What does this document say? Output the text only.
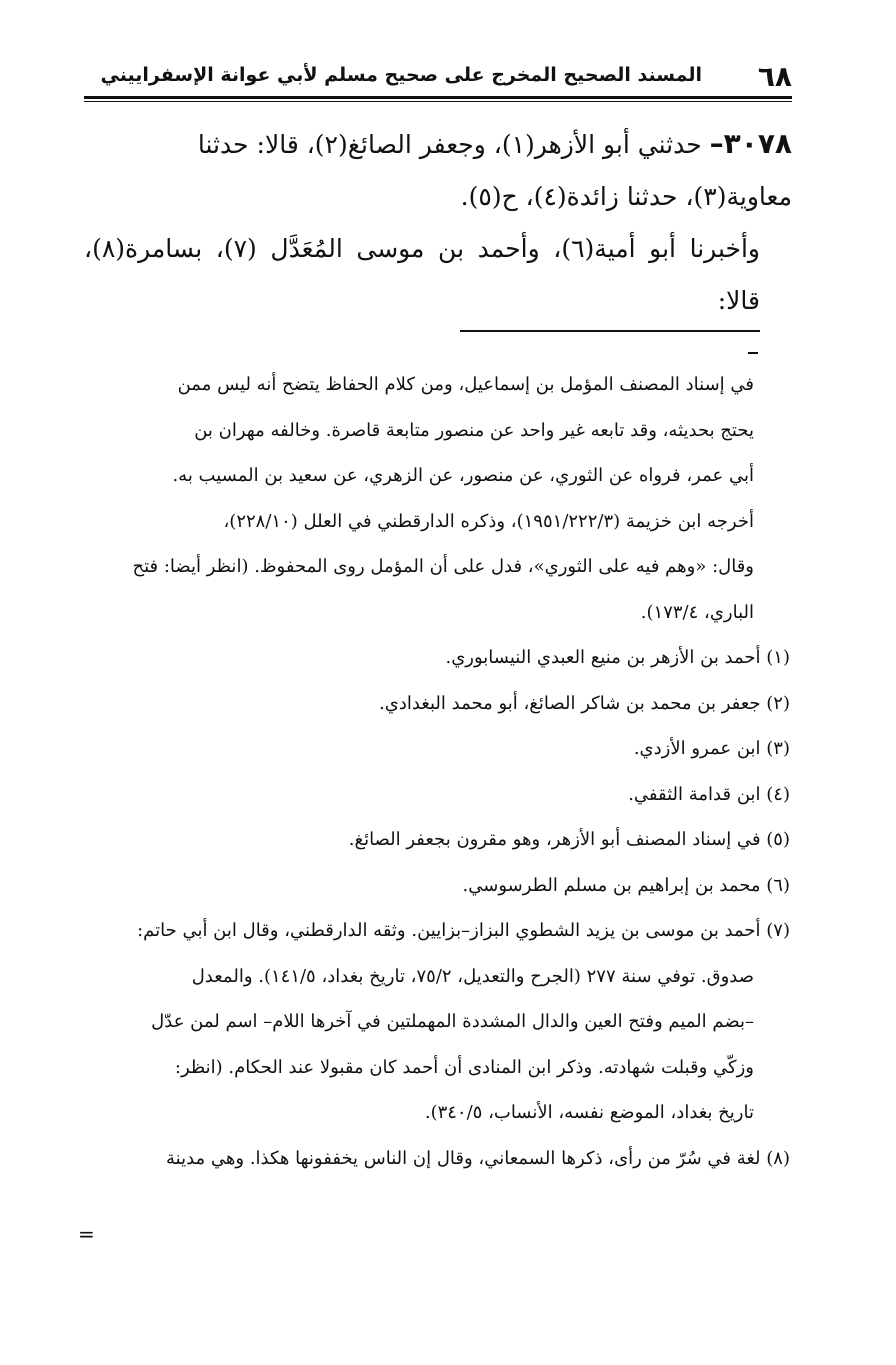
٦٨
المسند الصحيح المخرج على صحيح مسلم لأبي عوانة الإسفراييني

٣٠٧٨– حدثني أبو الأزهر(١)، وجعفر الصائغ(٢)، قالا: حدثنا

معاوية(٣)، حدثنا زائدة(٤)، ح(٥).

وأخبرنا أبو أمية(٦)، وأحمد بن موسى المُعَدَّل (٧)، بسامرة(٨)، قالا:

في إسناد المصنف المؤمل بن إسماعيل، ومن كلام الحفاظ يتضح أنه ليس ممن

يحتج بحديثه، وقد تابعه غير واحد عن منصور متابعة قاصرة. وخالفه مهران بن

أبي عمر، فرواه عن الثوري، عن منصور، عن الزهري، عن سعيد بن المسيب به.

أخرجه ابن خزيمة (١٩٥١/٢٢٢/٣)، وذكره الدارقطني في العلل (٢٢٨/١٠)،

وقال: «وهم فيه على الثوري»، فدل على أن المؤمل روى المحفوظ. (انظر أيضا: فتح

الباري، ١٧٣/٤).

(١) أحمد بن الأزهر بن منيع العبدي النيسابوري.

(٢) جعفر بن محمد بن شاكر الصائغ، أبو محمد البغدادي.

(٣) ابن عمرو الأزدي.

(٤) ابن قدامة الثقفي.

(٥) في إسناد المصنف أبو الأزهر، وهو مقرون بجعفر الصائغ.

(٦) محمد بن إبراهيم بن مسلم الطرسوسي.

(٧) أحمد بن موسى بن يزيد الشطوي البزاز–بزايين. وثقه الدارقطني، وقال ابن أبي حاتم:

صدوق. توفي سنة ٢٧٧ (الجرح والتعديل، ٧٥/٢، تاريخ بغداد، ١٤١/٥). والمعدل

–بضم الميم وفتح العين والدال المشددة المهملتين في آخرها اللام– اسم لمن عدّل

وزكّي وقبلت شهادته. وذكر ابن المنادى أن أحمد كان مقبولا عند الحكام. (انظر:

تاريخ بغداد، الموضع نفسه، الأنساب، ٣٤٠/٥).

(٨) لغة في سُرّ من رأى، ذكرها السمعاني، وقال إن الناس يخففونها هكذا. وهي مدينة

=
